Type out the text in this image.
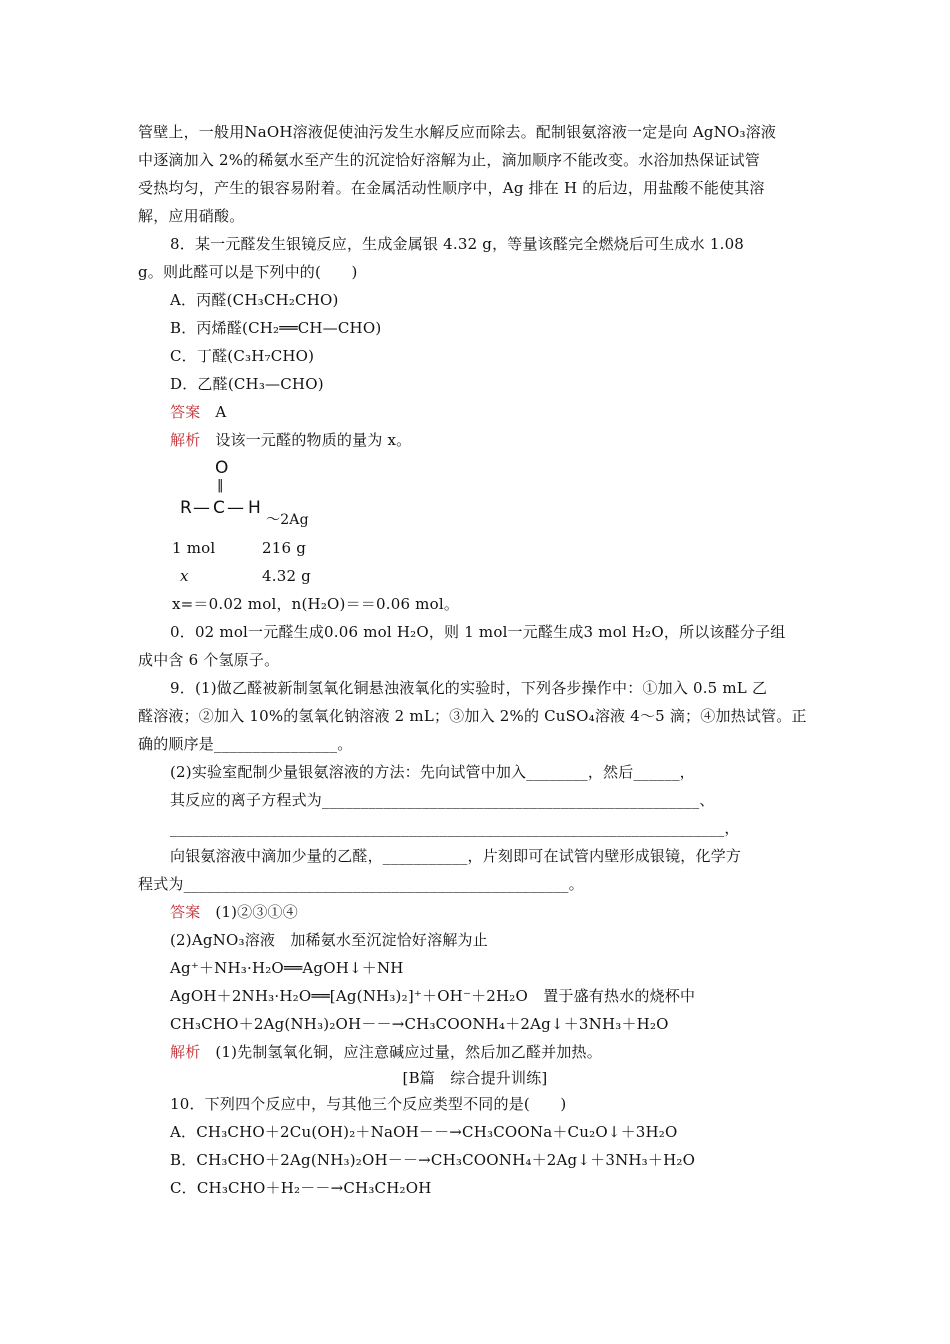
管壁上，一般用NaOH溶液促使油污发生水解反应而除去。配制银氨溶液一定是向 AgNO₃溶液
中逐滴加入 2%的稀氨水至产生的沉淀恰好溶解为止，滴加顺序不能改变。水浴加热保证试管
受热均匀，产生的银容易附着。在金属活动性顺序中，Ag 排在 H 的后边，用盐酸不能使其溶
解，应用硝酸。
8．某一元醛发生银镜反应，生成金属银 4.32 g，等量该醛完全燃烧后可生成水 1.08
g。则此醛可以是下列中的(　　)
A．丙醛(CH₃CH₂CHO)
B．丙烯醛(CH₂══CH—CHO)
C．丁醛(C₃H₇CHO)
D．乙醛(CH₃—CHO)
答案 A
解析 设该一元醛的物质的量为 x。
O
‖
R — C — H
～2Ag
1 mol	216 g
x	4.32 g
x=＝0.02 mol，n(H₂O)＝＝0.06 mol。
0．02 mol一元醛生成0.06 mol H₂O，则 1 mol一元醛生成3 mol H₂O，所以该醛分子组
成中含 6 个氢原子。
9．(1)做乙醛被新制氢氧化铜悬浊液氧化的实验时，下列各步操作中：①加入 0.5 mL 乙
醛溶液；②加入 10%的氢氧化钠溶液 2 mL；③加入 2%的 CuSO₄溶液 4～5 滴；④加热试管。正
确的顺序是________________。
(2)实验室配制少量银氨溶液的方法：先向试管中加入________，然后______，
其反应的离子方程式为_________________________________________________、
________________________________________________________________________，
向银氨溶液中滴加少量的乙醛，___________，片刻即可在试管内壁形成银镜，化学方
程式为__________________________________________________。
答案 (1)②③①④
(2)AgNO₃溶液　加稀氨水至沉淀恰好溶解为止
Ag⁺＋NH₃·H₂O══AgOH↓＋NH
AgOH＋2NH₃·H₂O══[Ag(NH₃)₂]⁺＋OH⁻＋2H₂O　置于盛有热水的烧杯中
CH₃CHO＋2Ag(NH₃)₂OH－－→CH₃COONH₄＋2Ag↓＋3NH₃＋H₂O
解析 (1)先制氢氧化铜，应注意碱应过量，然后加乙醛并加热。
[B篇　综合提升训练]
10．下列四个反应中，与其他三个反应类型不同的是(　　)
A．CH₃CHO＋2Cu(OH)₂＋NaOH－－→CH₃COONa＋Cu₂O↓＋3H₂O
B．CH₃CHO＋2Ag(NH₃)₂OH－－→CH₃COONH₄＋2Ag↓＋3NH₃＋H₂O
C．CH₃CHO＋H₂－－→CH₃CH₂OH
